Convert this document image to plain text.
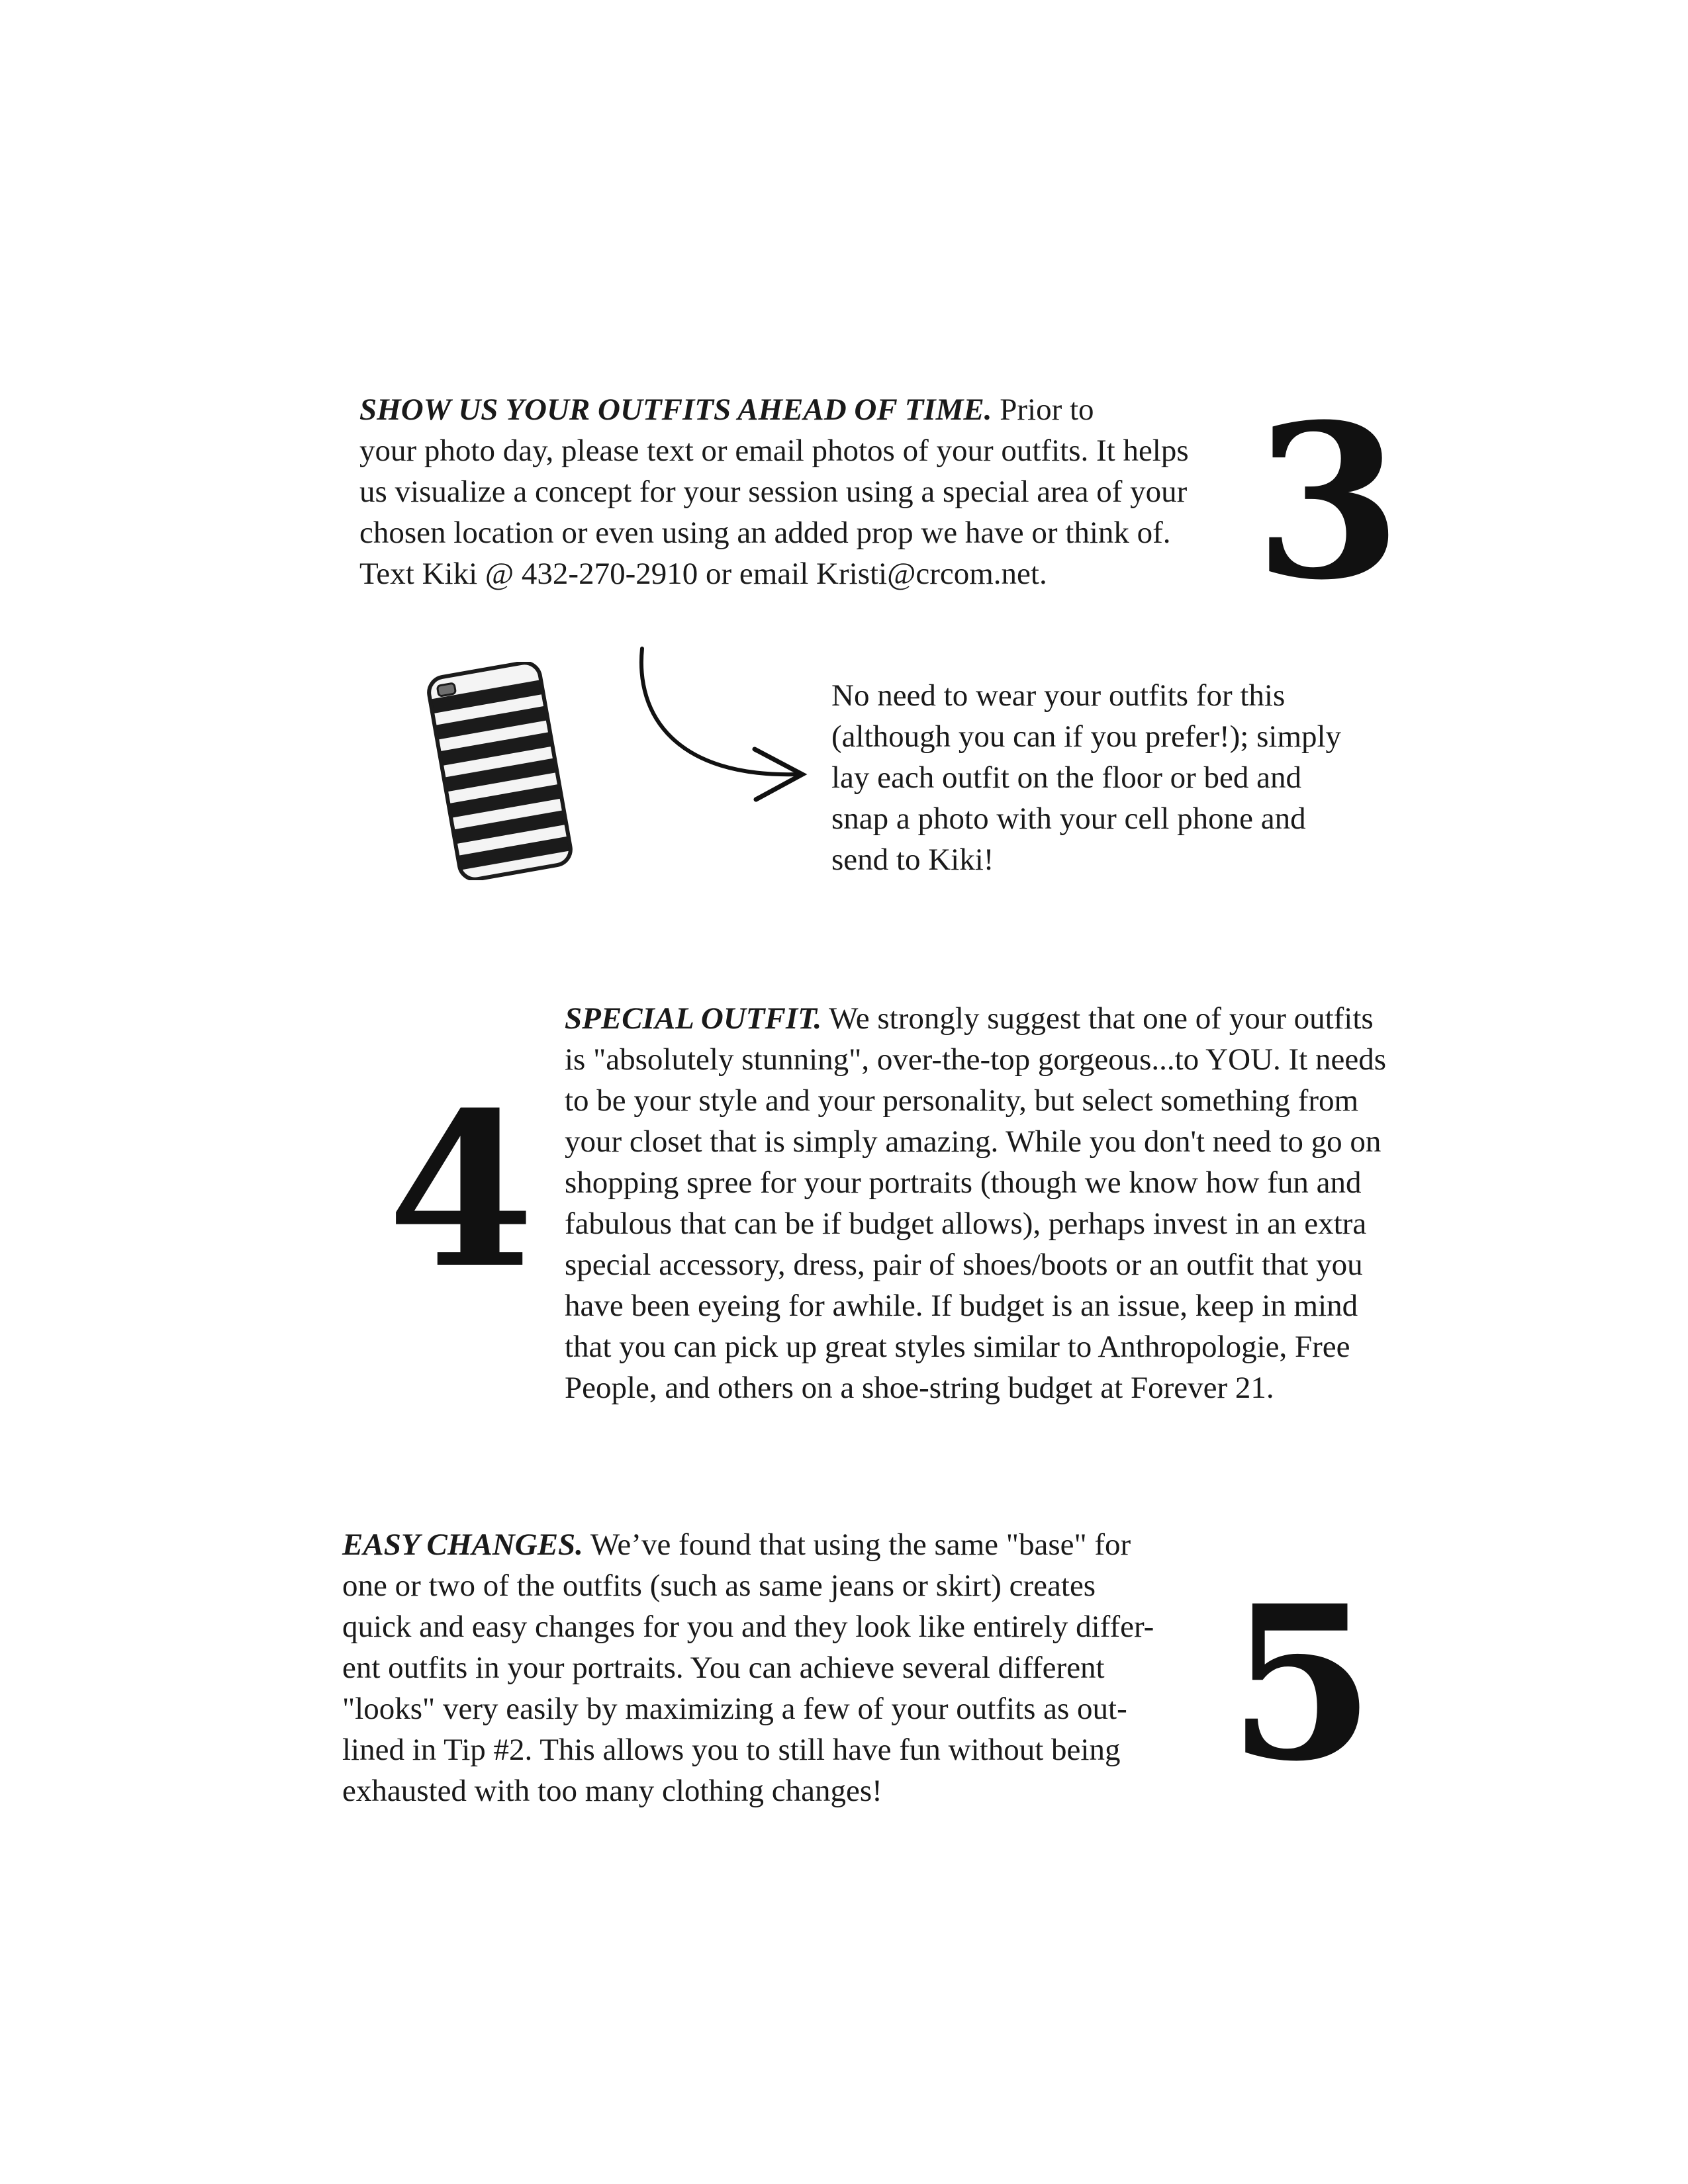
SHOW US YOUR OUTFITS AHEAD OF TIME. Prior to
your photo day, please text or email photos of your outfits. It helps
us visualize a concept for your session using a special area of your
chosen location or even using an added prop we have or think of.
Text Kiki @ 432-270-2910 or email Kristi@crcom.net. 3
No need to wear your outfits for this
(although you can if you prefer!); simply
lay each outfit on the floor or bed and
snap a photo with your cell phone and
send to Kiki!
4
SPECIAL OUTFIT. We strongly suggest that one of your outfits
is "absolutely stunning", over-the-top gorgeous...to YOU. It needs
to be your style and your personality, but select something from
your closet that is simply amazing. While you don't need to go on
shopping spree for your portraits (though we know how fun and
fabulous that can be if budget allows), perhaps invest in an extra
special accessory, dress, pair of shoes/boots or an outfit that you
have been eyeing for awhile. If budget is an issue, keep in mind
that you can pick up great styles similar to Anthropologie, Free
People, and others on a shoe-string budget at Forever 21.
EASY CHANGES. We’ve found that using the same "base" for
one or two of the outfits (such as same jeans or skirt) creates
quick and easy changes for you and they look like entirely differ-
ent outfits in your portraits. You can achieve several different
"looks" very easily by maximizing a few of your outfits as out-
lined in Tip #2. This allows you to still have fun without being
exhausted with too many clothing changes!	5
